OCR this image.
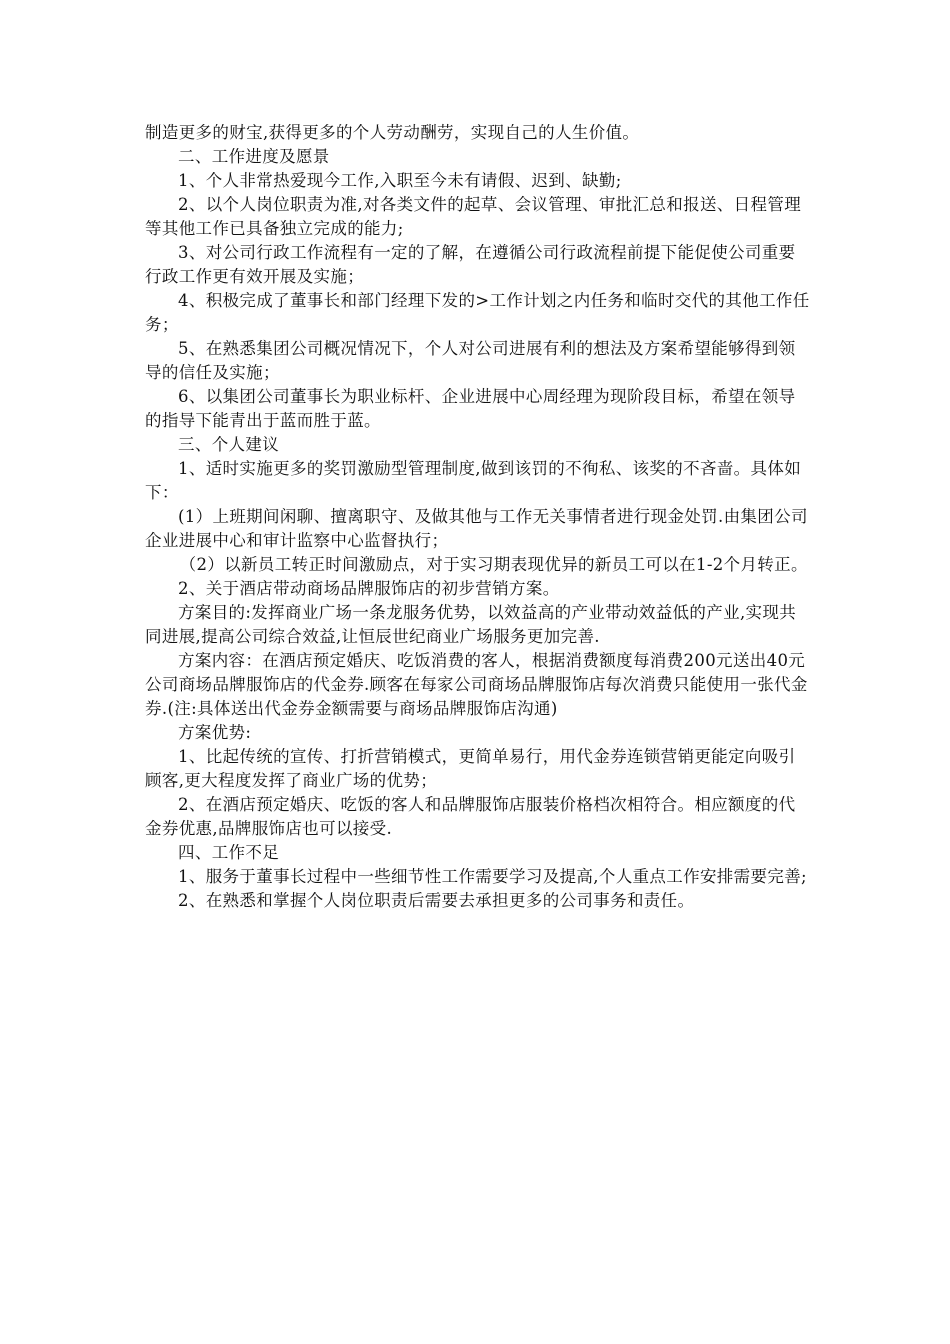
制造更多的财宝,获得更多的个人劳动酬劳，实现自己的人生价值。

二、工作进度及愿景

1、个人非常热爱现今工作,入职至今未有请假、迟到、缺勤;

2、以个人岗位职责为准,对各类文件的起草、会议管理、审批汇总和报送、日程管理等其他工作已具备独立完成的能力;

3、对公司行政工作流程有一定的了解，在遵循公司行政流程前提下能促使公司重要行政工作更有效开展及实施；

4、积极完成了董事长和部门经理下发的>工作计划之内任务和临时交代的其他工作任务；

5、在熟悉集团公司概况情况下，个人对公司进展有利的想法及方案希望能够得到领导的信任及实施；

6、以集团公司董事长为职业标杆、企业进展中心周经理为现阶段目标，希望在领导的指导下能青出于蓝而胜于蓝。

三、个人建议

1、适时实施更多的奖罚激励型管理制度,做到该罚的不徇私、该奖的不吝啬。具体如下：

(1）上班期间闲聊、擅离职守、及做其他与工作无关事情者进行现金处罚.由集团公司企业进展中心和审计监察中心监督执行；

（2）以新员工转正时间激励点，对于实习期表现优异的新员工可以在1-2个月转正。

2、关于酒店带动商场品牌服饰店的初步营销方案。

方案目的:发挥商业广场一条龙服务优势，以效益高的产业带动效益低的产业,实现共同进展,提高公司综合效益,让恒辰世纪商业广场服务更加完善.

方案内容：在酒店预定婚庆、吃饭消费的客人，根据消费额度每消费200元送出40元公司商场品牌服饰店的代金券.顾客在每家公司商场品牌服饰店每次消费只能使用一张代金券.(注:具体送出代金券金额需要与商场品牌服饰店沟通)

方案优势:

1、比起传统的宣传、打折营销模式，更简单易行，用代金券连锁营销更能定向吸引顾客,更大程度发挥了商业广场的优势；

2、在酒店预定婚庆、吃饭的客人和品牌服饰店服装价格档次相符合。相应额度的代金券优惠,品牌服饰店也可以接受.

四、工作不足

1、服务于董事长过程中一些细节性工作需要学习及提高,个人重点工作安排需要完善;

2、在熟悉和掌握个人岗位职责后需要去承担更多的公司事务和责任。
